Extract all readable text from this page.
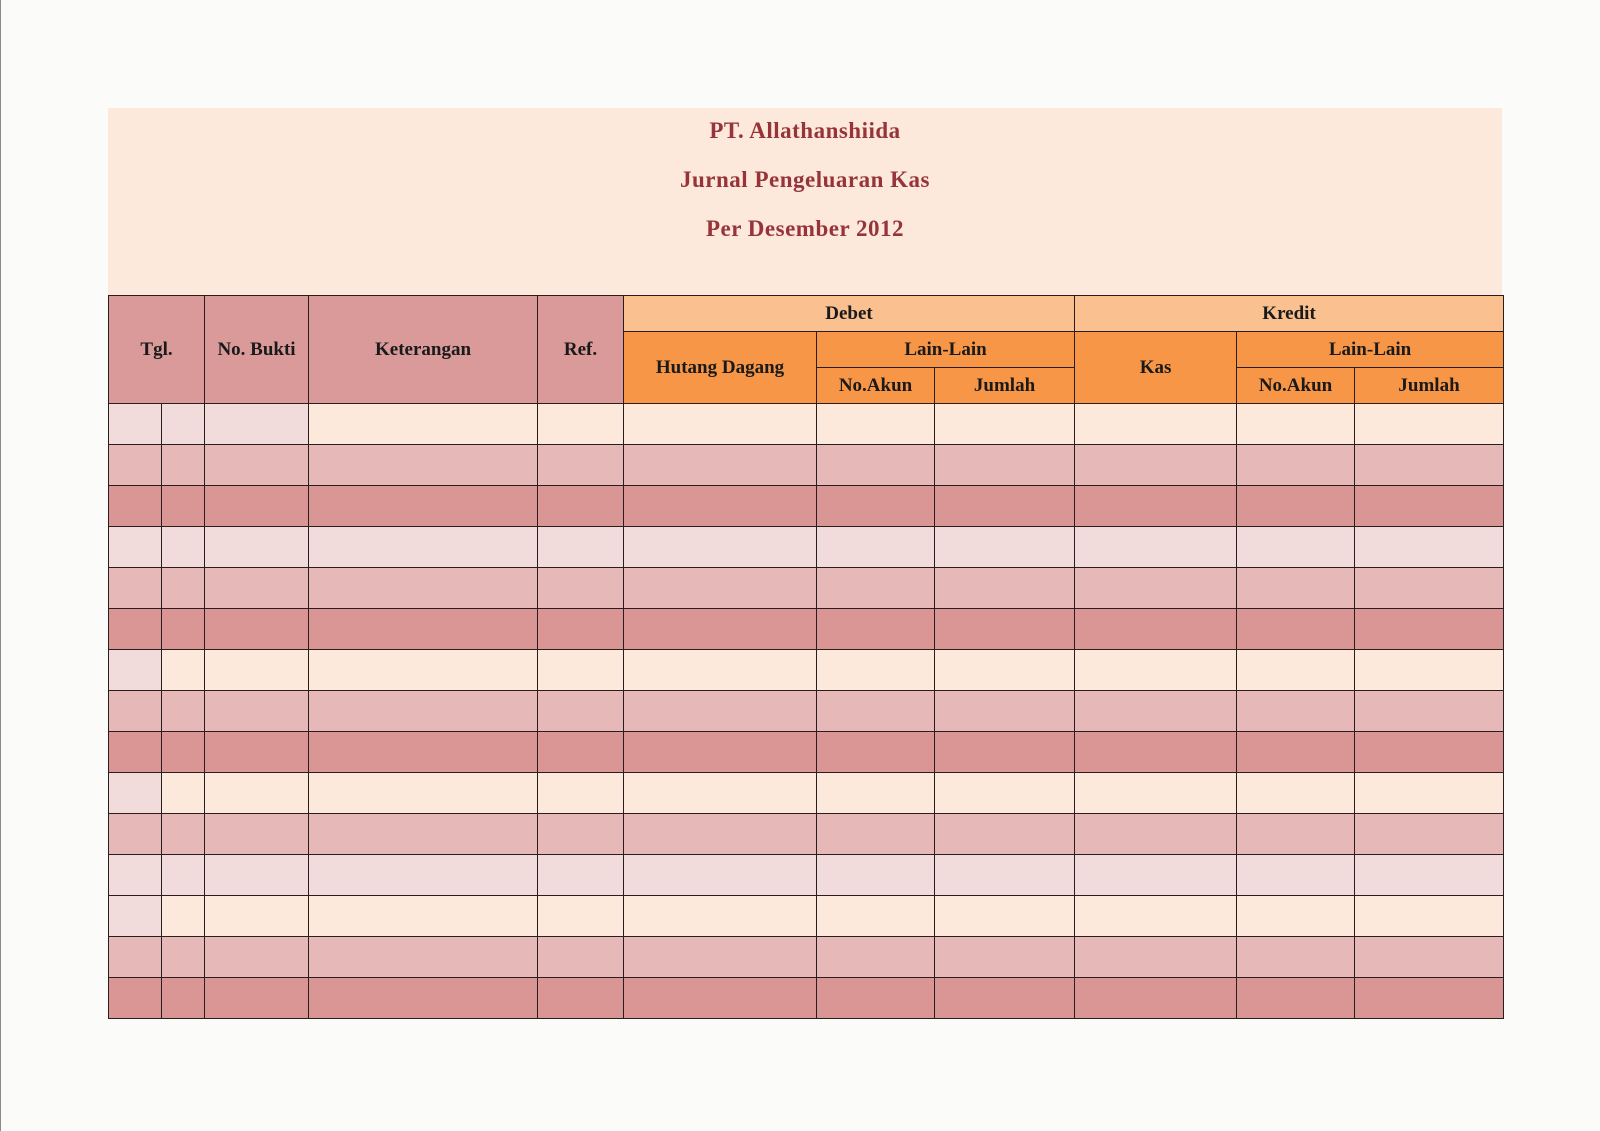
PT. Allathanshiida
Jurnal Pengeluaran Kas
Per Desember 2012
Tgl.		No. Bukti	Keterangan	Ref.	Debet			Kredit		
					Hutang Dagang	Lain-Lain		Kas	Lain-Lain	
						No.Akun	Jumlah		No.Akun	Jumlah
